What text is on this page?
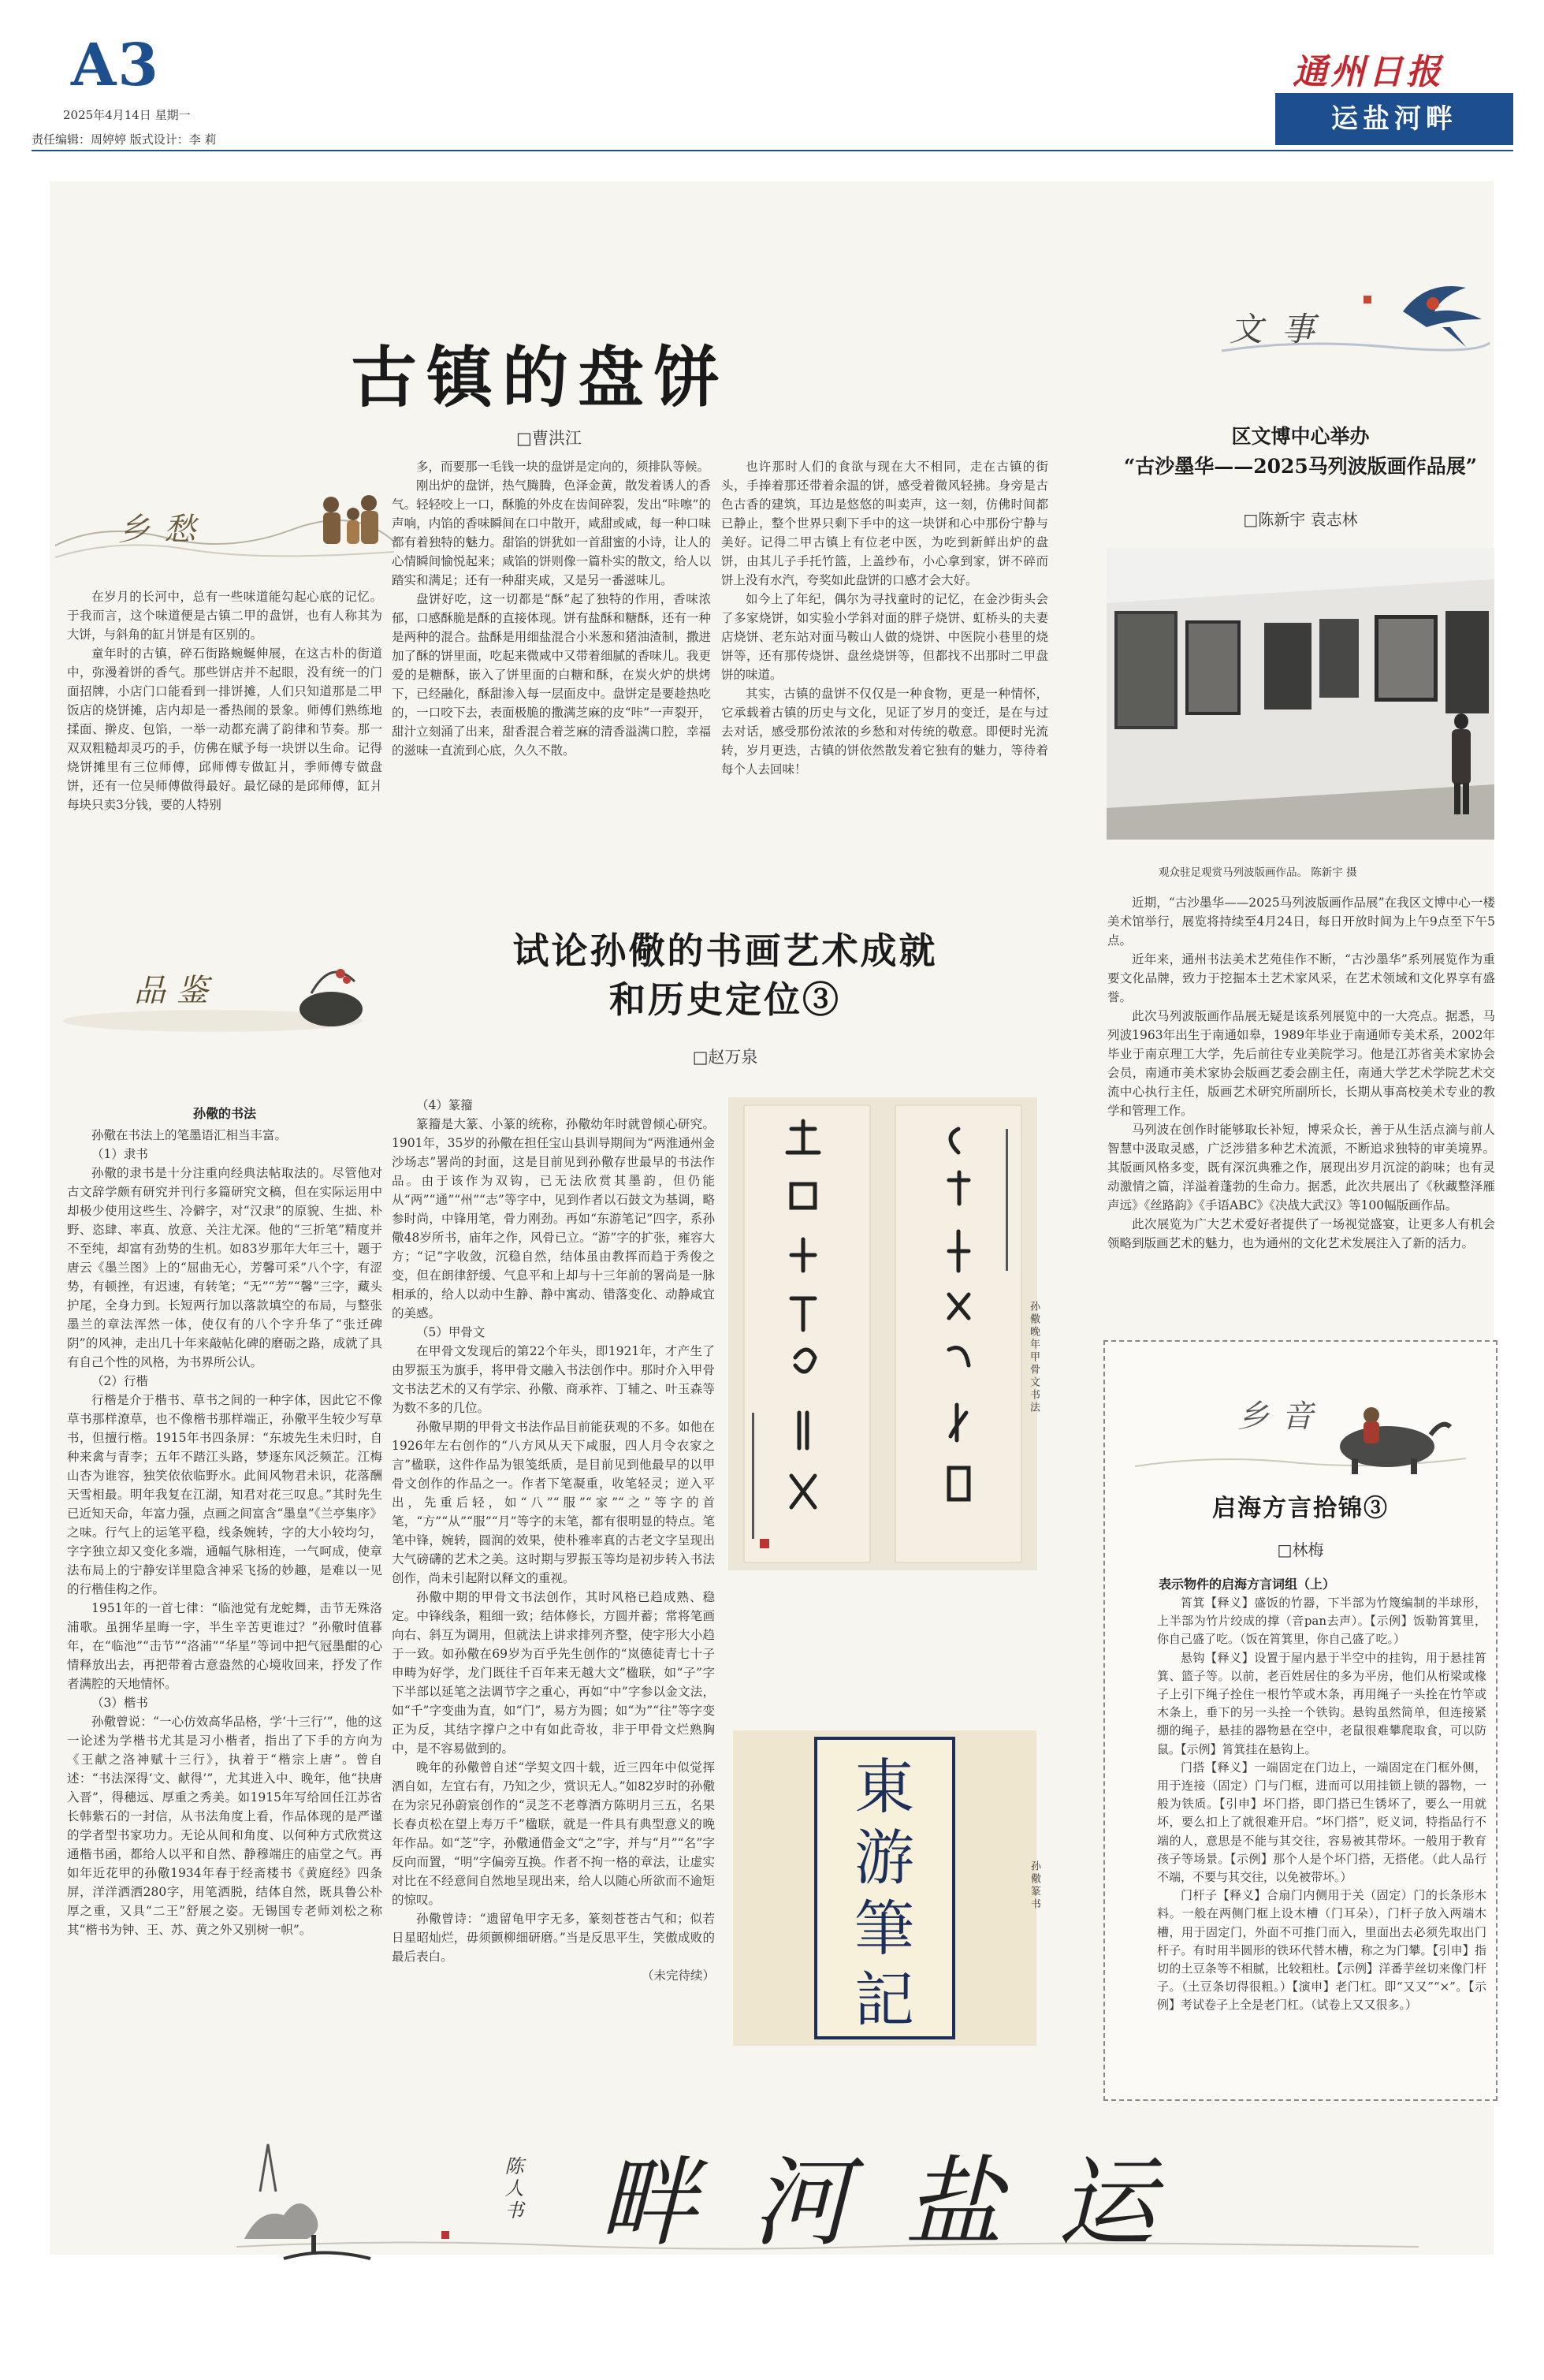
A3
2025年4月14日 星期一
责任编辑：周婷婷 版式设计：李 莉
通州日报
运盐河畔
古镇的盘饼
□曹洪江
乡愁

在岁月的长河中，总有一些味道能勾起心底的记忆。于我而言，这个味道便是古镇二甲的盘饼，也有人称其为大饼，与斜角的缸爿饼是有区别的。

童年时的古镇，碎石街路蜿蜒伸展，在这古朴的街道中，弥漫着饼的香气。那些饼店并不起眼，没有统一的门面招牌，小店门口能看到一排饼摊，人们只知道那是二甲饭店的烧饼摊，店内却是一番热闹的景象。师傅们熟练地揉面、擀皮、包馅，一举一动都充满了韵律和节奏。那一双双粗糙却灵巧的手，仿佛在赋予每一块饼以生命。记得烧饼摊里有三位师傅，邱师傅专做缸爿，季师傅专做盘饼，还有一位吴师傅做得最好。最忆碌的是邱师傅，缸爿每块只卖3分钱，要的人特别

多，而要那一毛钱一块的盘饼是定向的，须排队等候。

刚出炉的盘饼，热气腾腾，色泽金黄，散发着诱人的香气。轻轻咬上一口，酥脆的外皮在齿间碎裂，发出“咔嚓”的声响，内馅的香味瞬间在口中散开，咸甜或咸，每一种口味都有着独特的魅力。甜馅的饼犹如一首甜蜜的小诗，让人的心情瞬间愉悦起来；咸馅的饼则像一篇朴实的散文，给人以踏实和满足；还有一种甜夹咸，又是另一番滋味儿。

盘饼好吃，这一切都是“酥”起了独特的作用，香味浓郁，口感酥脆是酥的直接体现。饼有盐酥和糖酥，还有一种是两种的混合。盐酥是用细盐混合小米葱和猪油渣制，撒进加了酥的饼里面，吃起来微咸中又带着细腻的香味儿。我更爱的是糖酥，嵌入了饼里面的白糖和酥，在炭火炉的烘烤下，已经融化，酥甜渗入每一层面皮中。盘饼定是要趁热吃的，一口咬下去，表面极脆的撒满芝麻的皮“咔”一声裂开，甜汁立刻涌了出来，甜香混合着芝麻的清香溢满口腔，幸福的滋味一直流到心底，久久不散。

也许那时人们的食欲与现在大不相同，走在古镇的街头，手捧着那还带着余温的饼，感受着微风轻拂。身旁是古色古香的建筑，耳边是悠悠的叫卖声，这一刻，仿佛时间都已静止，整个世界只剩下手中的这一块饼和心中那份宁静与美好。记得二甲古镇上有位老中医，为吃到新鲜出炉的盘饼，由其儿子手托竹篮，上盖纱布，小心拿到家，饼不碎而饼上没有水汽，夸奖如此盘饼的口感才会大好。

如今上了年纪，偶尔为寻找童时的记忆，在金沙街头会了多家烧饼，如实验小学斜对面的胖子烧饼、虹桥头的夫妻店烧饼、老东站对面马鞍山人做的烧饼、中医院小巷里的烧饼等，还有那传烧饼、盘丝烧饼等，但都找不出那时二甲盘饼的味道。

其实，古镇的盘饼不仅仅是一种食物，更是一种情怀，它承载着古镇的历史与文化，见证了岁月的变迁，是在与过去对话，感受那份浓浓的乡愁和对传统的敬意。即便时光流转，岁月更迭，古镇的饼依然散发着它独有的魅力，等待着每个人去回味！

文事
区文博中心举办
“古沙墨华——2025马列波版画作品展”
□陈新宇 袁志林
观众驻足观赏马列波版画作品。 陈新宇 摄

近期，“古沙墨华——2025马列波版画作品展”在我区文博中心一楼美术馆举行，展览将持续至4月24日，每日开放时间为上午9点至下午5点。

近年来，通州书法美术艺苑佳作不断，“古沙墨华”系列展览作为重要文化品牌，致力于挖掘本土艺术家风采，在艺术领域和文化界享有盛誉。

此次马列波版画作品展无疑是该系列展览中的一大亮点。据悉，马列波1963年出生于南通如皋，1989年毕业于南通师专美术系，2002年毕业于南京理工大学，先后前往专业美院学习。他是江苏省美术家协会会员，南通市美术家协会版画艺委会副主任，南通大学艺术学院艺术交流中心执行主任，版画艺术研究所副所长，长期从事高校美术专业的教学和管理工作。

马列波在创作时能够取长补短，博采众长，善于从生活点滴与前人智慧中汲取灵感，广泛涉猎多种艺术流派，不断追求独特的审美境界。其版画风格多变，既有深沉典雅之作，展现出岁月沉淀的韵味；也有灵动激情之篇，洋溢着蓬勃的生命力。据悉，此次共展出了《秋藏整泽雁声远》《丝路韵》《手语ABC》《决战大武汉》等100幅版画作品。

此次展览为广大艺术爱好者提供了一场视觉盛宴，让更多人有机会领略到版画艺术的魅力，也为通州的文化艺术发展注入了新的活力。

品鉴
试论孙儆的书画艺术成就
和历史定位③
□赵万泉
孙儆的书法

孙儆在书法上的笔墨语汇相当丰富。

（1）隶书

孙儆的隶书是十分注重向经典法帖取法的。尽管他对古文辞学颇有研究并刊行多篇研究文稿，但在实际运用中却极少使用这些生、冷僻字，对“汉隶”的原貌、生拙、朴野、恣肆、率真、放意、关注尤深。他的“三折笔”精度并不至纯，却富有劲势的生机。如83岁那年大年三十，题于唐云《墨兰图》上的“屈曲无心，芳馨可采”八个字，有涩势，有顿挫，有迟速，有转笔；“无”“芳”“馨”三字，藏头护尾，全身力到。长短两行加以落款填空的布局，与整张墨兰的章法浑然一体，使仅有的八个字升华了“张迁碑阴”的风神，走出几十年来敲帖化碑的磨砺之路，成就了具有自己个性的风格，为书界所公认。

（2）行楷

行楷是介于楷书、草书之间的一种字体，因此它不像草书那样潦草，也不像楷书那样端正，孙儆平生较少写草书，但擅行楷。1915年书四条屏：“东坡先生未归时，自种来禽与青李；五年不踏江头路，梦逐东风泛频芷。江梅山杏为谁容，独笑依依临野水。此间风物君未识，花落酬天雪相最。明年我复在江湖，知君对花三叹息。”其时先生已近知天命，年富力强，点画之间富含“墨皇”《兰亭集序》之味。行气上的运笔平稳，线条婉转，字的大小较均匀，字字独立却又变化多端，通幅气脉相连，一气呵成，使章法布局上的宁静安详里隐含神采飞扬的妙趣，是难以一见的行楷佳构之作。

1951年的一首七律：“临池觉有龙蛇舞，击节无殊洛浦歌。虽拥华星晦一字，半生辛苦更谁过？”孙儆时值暮年，在“临池”“击节”“洛浦”“华星”等词中把气冠墨酣的心情释放出去，再把带着古意盎然的心境收回来，抒发了作者满腔的天地情怀。

（3）楷书

孙儆曾说：“一心仿效高华品格，学‘十三行’”，他的这一论述为学楷书尤其是习小楷者，指出了下手的方向为《王献之洛神赋十三行》，执着于“楷宗上唐”。曾自述：“书法深得‘文、献得’”，尤其进入中、晚年，他“抉唐入晋”，得穗远、厚重之秀美。如1915年写给回任江苏省长韩紫石的一封信，从书法角度上看，作品体现的是严谨的学者型书家功力。无论从间和角度、以何种方式欣赏这通楷书函，都给人以平和自然、静穆端庄的庙堂之气。再如年近花甲的孙儆1934年春于经斋楼书《黄庭经》四条屏，洋洋洒洒280字，用笔洒脱，结体自然，既具鲁公朴厚之重，又具“二王”舒展之姿。无锡国专老师刘松之称其“楷书为钟、王、苏、黄之外又别树一帜”。

（4）篆籀

篆籀是大篆、小篆的统称，孙儆幼年时就曾倾心研究。1901年，35岁的孙儆在担任宝山县训导期间为“两淮通州金沙场志”署尚的封面，这是目前见到孙儆存世最早的书法作品。由于该作为双钩，已无法欣赏其墨韵，但仍能从“两”“通”“州”“志”等字中，见到作者以石鼓文为基调，略参时尚，中锋用笔，骨力刚劲。再如“东游笔记”四字，系孙儆48岁所书，庙年之作，风骨已立。“游”字的扩张，雍容大方；“记”字收敛，沉稳自然，结体虽由教挥而趋于秀俊之变，但在朗律舒缓、气息平和上却与十三年前的署尚是一脉相承的，给人以动中生静、静中寓动、错落变化、动静咸宜的美感。

（5）甲骨文

在甲骨文发现后的第22个年头，即1921年，才产生了由罗振玉为旗手，将甲骨文融入书法创作中。那时介入甲骨文书法艺术的又有学宗、孙儆、商承祚、丁辅之、叶玉森等为数不多的几位。

孙儆早期的甲骨文书法作品目前能获观的不多。如他在1926年左右创作的“八方风从天下咸服，四人月令农家之言”楹联，这件作品为银笺纸质，是目前见到他最早的以甲骨文创作的作品之一。作者下笔凝重，收笔轻灵；逆入平出，先重后轻，如“八”“服”“家”“之”等字的首笔，“方”“从”“服”“月”等字的末笔，都有很明显的特点。笔笔中锋，婉转，圆润的效果，使朴雅率真的古老文字呈现出大气磅礴的艺术之美。这时期与罗振玉等均是初步转入书法创作，尚未引起附以释文的重视。

孙儆中期的甲骨文书法创作，其时风格已趋成熟、稳定。中锋线条，粗细一致；结体修长，方圆并蓄；常将笔画向右、斜互为调用，但就法上讲求排列齐整，使字形大小趋于一致。如孙儆在69岁为百乎先生创作的“岚德徒青七十子申畴为好学，龙门既往千百年来无越大文”楹联，如“子”字下半部以延笔之法调节字之重心，再如“中”字参以金文法，如“千”字变曲为直，如“门”，易方为圆；如“为”“往”等字变正为反，其结字撑户之中有如此奇妆，非于甲骨文烂熟胸中，是不容易做到的。

晚年的孙儆曾自述“学契文四十载，近三四年中似觉挥洒自如，左宜右有，乃知之少，赏识无人。”如82岁时的孙儆在为宗兄孙蔚宸创作的“灵芝不老尊酒方陈明月三五，名果长春贞松在望上寿万千”楹联，就是一件具有典型意义的晚年作品。如“芝”字，孙儆通借金文“之”字，并与“月”“名”字反向而置，“明”字偏旁互换。作者不拘一格的章法，让虚实对比在不经意间自然地呈现出来，给人以随心所欲而不逾矩的惊叹。

孙儆曾诗：“遗留龟甲字无多，篆刻苍苍古气和；似若日星昭灿烂，毋须颤柳细研磨。”当是反思平生，笑傲成败的最后表白。

（未完待续）

孙儆晚年甲骨文书法
東
游
筆
記
孙儆篆书
乡音
启海方言拾锦③
□林梅
表示物件的启海方言词组（上）

筲箕【释义】盛饭的竹器，下半部为竹篾编制的半球形，上半部为竹片绞成的撑（音pan去声）。【示例】饭勒筲箕里，你自己盛了吃。（饭在筲箕里，你自己盛了吃。）

悬钩【释义】设置于屋内悬于半空中的挂钩，用于悬挂筲箕、篮子等。以前，老百姓居住的多为平房，他们从桁梁或椽子上引下绳子拴住一根竹竿或木条，再用绳子一头拴在竹竿或木条上，垂下的另一头拴一个铁钩。悬钩虽然简单，但连接紧绷的绳子，悬挂的器物悬在空中，老鼠很难攀爬取食，可以防鼠。【示例】筲箕挂在悬钩上。

门搭【释义】一端固定在门边上，一端固定在门框外侧，用于连接（固定）门与门框，进而可以用挂锁上锁的器物，一般为铁质。【引申】坏门搭，即门搭已生锈坏了，要么一用就坏，要么扣上了就很难开启。“坏门搭”，贬义词，特指品行不端的人，意思是不能与其交往，容易被其带坏。一般用于教育孩子等场景。【示例】那个人是个坏门搭，无搭佬。（此人品行不端，不要与其交往，以免被带坏。）

门杆子【释义】合扇门内侧用于关（固定）门的长条形木料。一般在两侧门框上设木槽（门耳朵），门杆子放入两端木槽，用于固定门，外面不可推门而入，里面出去必须先取出门杆子。有时用半圆形的铁环代替木槽，称之为门攀。【引申】指切的土豆条等不相腻，比较粗杜。【示例】洋番芋丝切来像门杆子。（土豆条切得很粗。）【演申】老门杠。即“又又”“×”。【示例】考试卷子上全是老门杠。（试卷上又又很多。）

陈人书 畔河盐运
